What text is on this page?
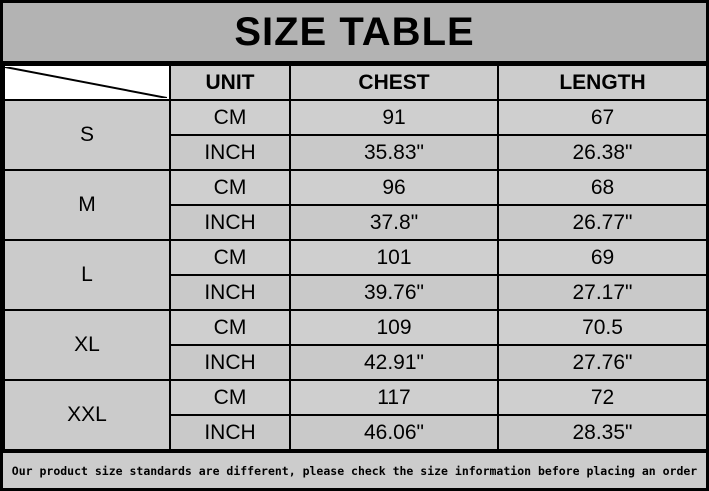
SIZE TABLE
	UNIT	CHEST	LENGTH
S	CM	91	67
	INCH	35.83"	26.38"
M	CM	96	68
	INCH	37.8"	26.77"
L	CM	101	69
	INCH	39.76"	27.17"
XL	CM	109	70.5
	INCH	42.91"	27.76"
XXL	CM	117	72
	INCH	46.06"	28.35"
Our product size standards are different, please check the size information before placing an order
